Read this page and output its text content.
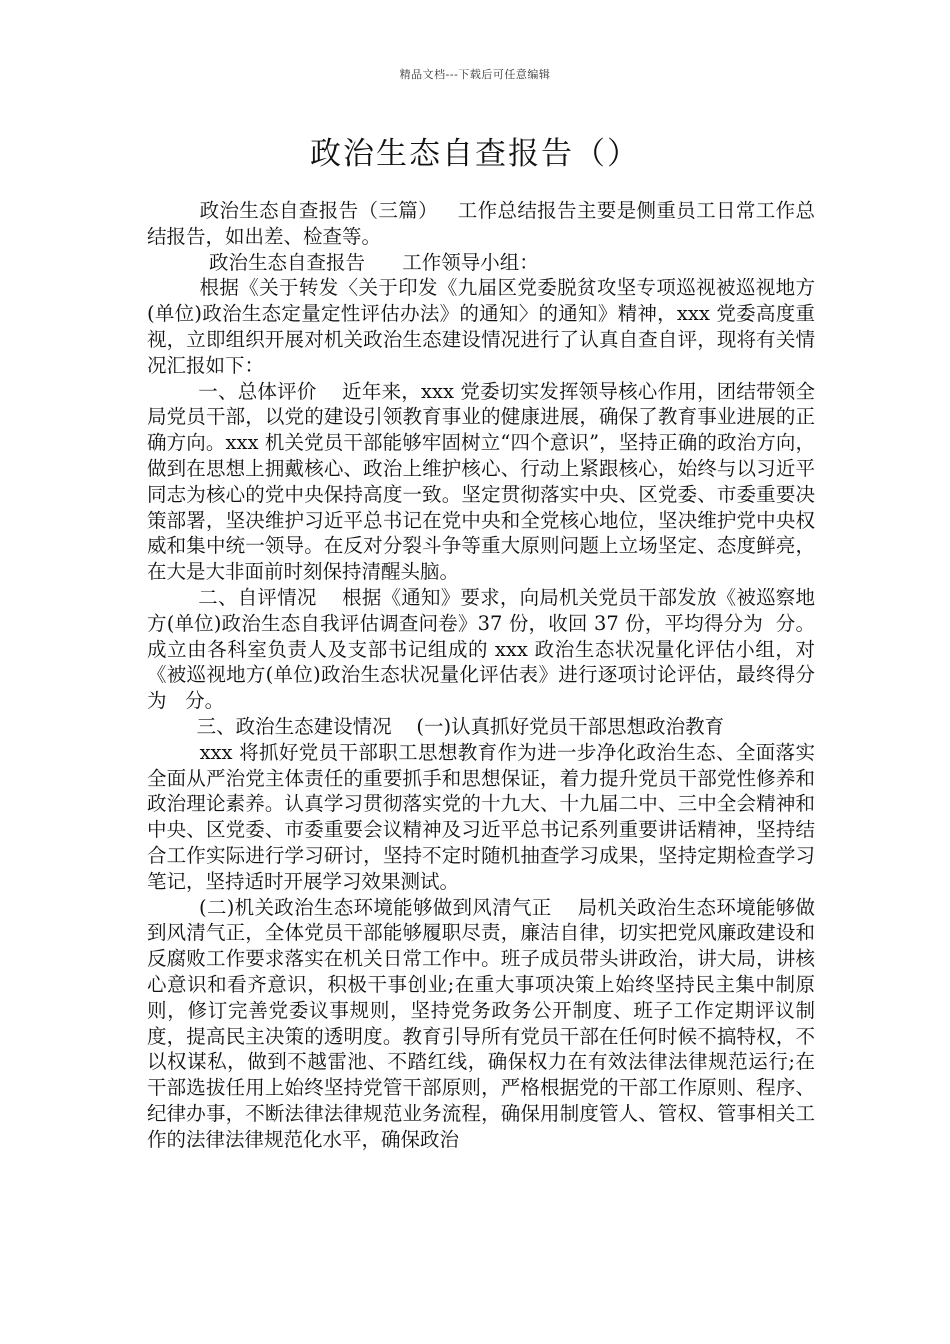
精品文档---下载后可任意编辑
政治生态自查报告（）

政治生态自查报告（三篇）   工作总结报告主要是侧重员工日常工作总结报告，如出差、检查等。

政治生态自查报告      工作领导小组：

根据《关于转发〈关于印发《九届区党委脱贫攻坚专项巡视被巡视地方(单位)政治生态定量定性评估办法》的通知〉的通知》精神，xxx 党委高度重视，立即组织开展对机关政治生态建设情况进行了认真自查自评，现将有关情况汇报如下：

一、总体评价    近年来，xxx 党委切实发挥领导核心作用，团结带领全局党员干部，以党的建设引领教育事业的健康进展，确保了教育事业进展的正确方向。xxx 机关党员干部能够牢固树立“四个意识”，坚持正确的政治方向，做到在思想上拥戴核心、政治上维护核心、行动上紧跟核心，始终与以习近平同志为核心的党中央保持高度一致。坚定贯彻落实中央、区党委、市委重要决策部署，坚决维护习近平总书记在党中央和全党核心地位，坚决维护党中央权威和集中统一领导。在反对分裂斗争等重大原则问题上立场坚定、态度鲜亮，在大是大非面前时刻保持清醒头脑。

二、自评情况    根据《通知》要求，向局机关党员干部发放《被巡察地方(单位)政治生态自我评估调查问卷》37 份，收回 37 份，平均得分为  分。成立由各科室负责人及支部书记组成的 xxx 政治生态状况量化评估小组，对《被巡视地方(单位)政治生态状况量化评估表》进行逐项讨论评估，最终得分为   分。

三、政治生态建设情况    (一)认真抓好党员干部思想政治教育

xxx 将抓好党员干部职工思想教育作为进一步净化政治生态、全面落实全面从严治党主体责任的重要抓手和思想保证，着力提升党员干部党性修养和政治理论素养。认真学习贯彻落实党的十九大、十九届二中、三中全会精神和中央、区党委、市委重要会议精神及习近平总书记系列重要讲话精神，坚持结合工作实际进行学习研讨，坚持不定时随机抽查学习成果，坚持定期检查学习笔记，坚持适时开展学习效果测试。

(二)机关政治生态环境能够做到风清气正    局机关政治生态环境能够做到风清气正，全体党员干部能够履职尽责，廉洁自律，切实把党风廉政建设和反腐败工作要求落实在机关日常工作中。班子成员带头讲政治，讲大局，讲核心意识和看齐意识，积极干事创业;在重大事项决策上始终坚持民主集中制原则，修订完善党委议事规则，坚持党务政务公开制度、班子工作定期评议制度，提高民主决策的透明度。教育引导所有党员干部在任何时候不搞特权，不以权谋私，做到不越雷池、不踏红线，确保权力在有效法律法律规范运行;在干部选拔任用上始终坚持党管干部原则，严格根据党的干部工作原则、程序、纪律办事，不断法律法律规范业务流程，确保用制度管人、管权、管事相关工作的法律法律规范化水平，确保政治
